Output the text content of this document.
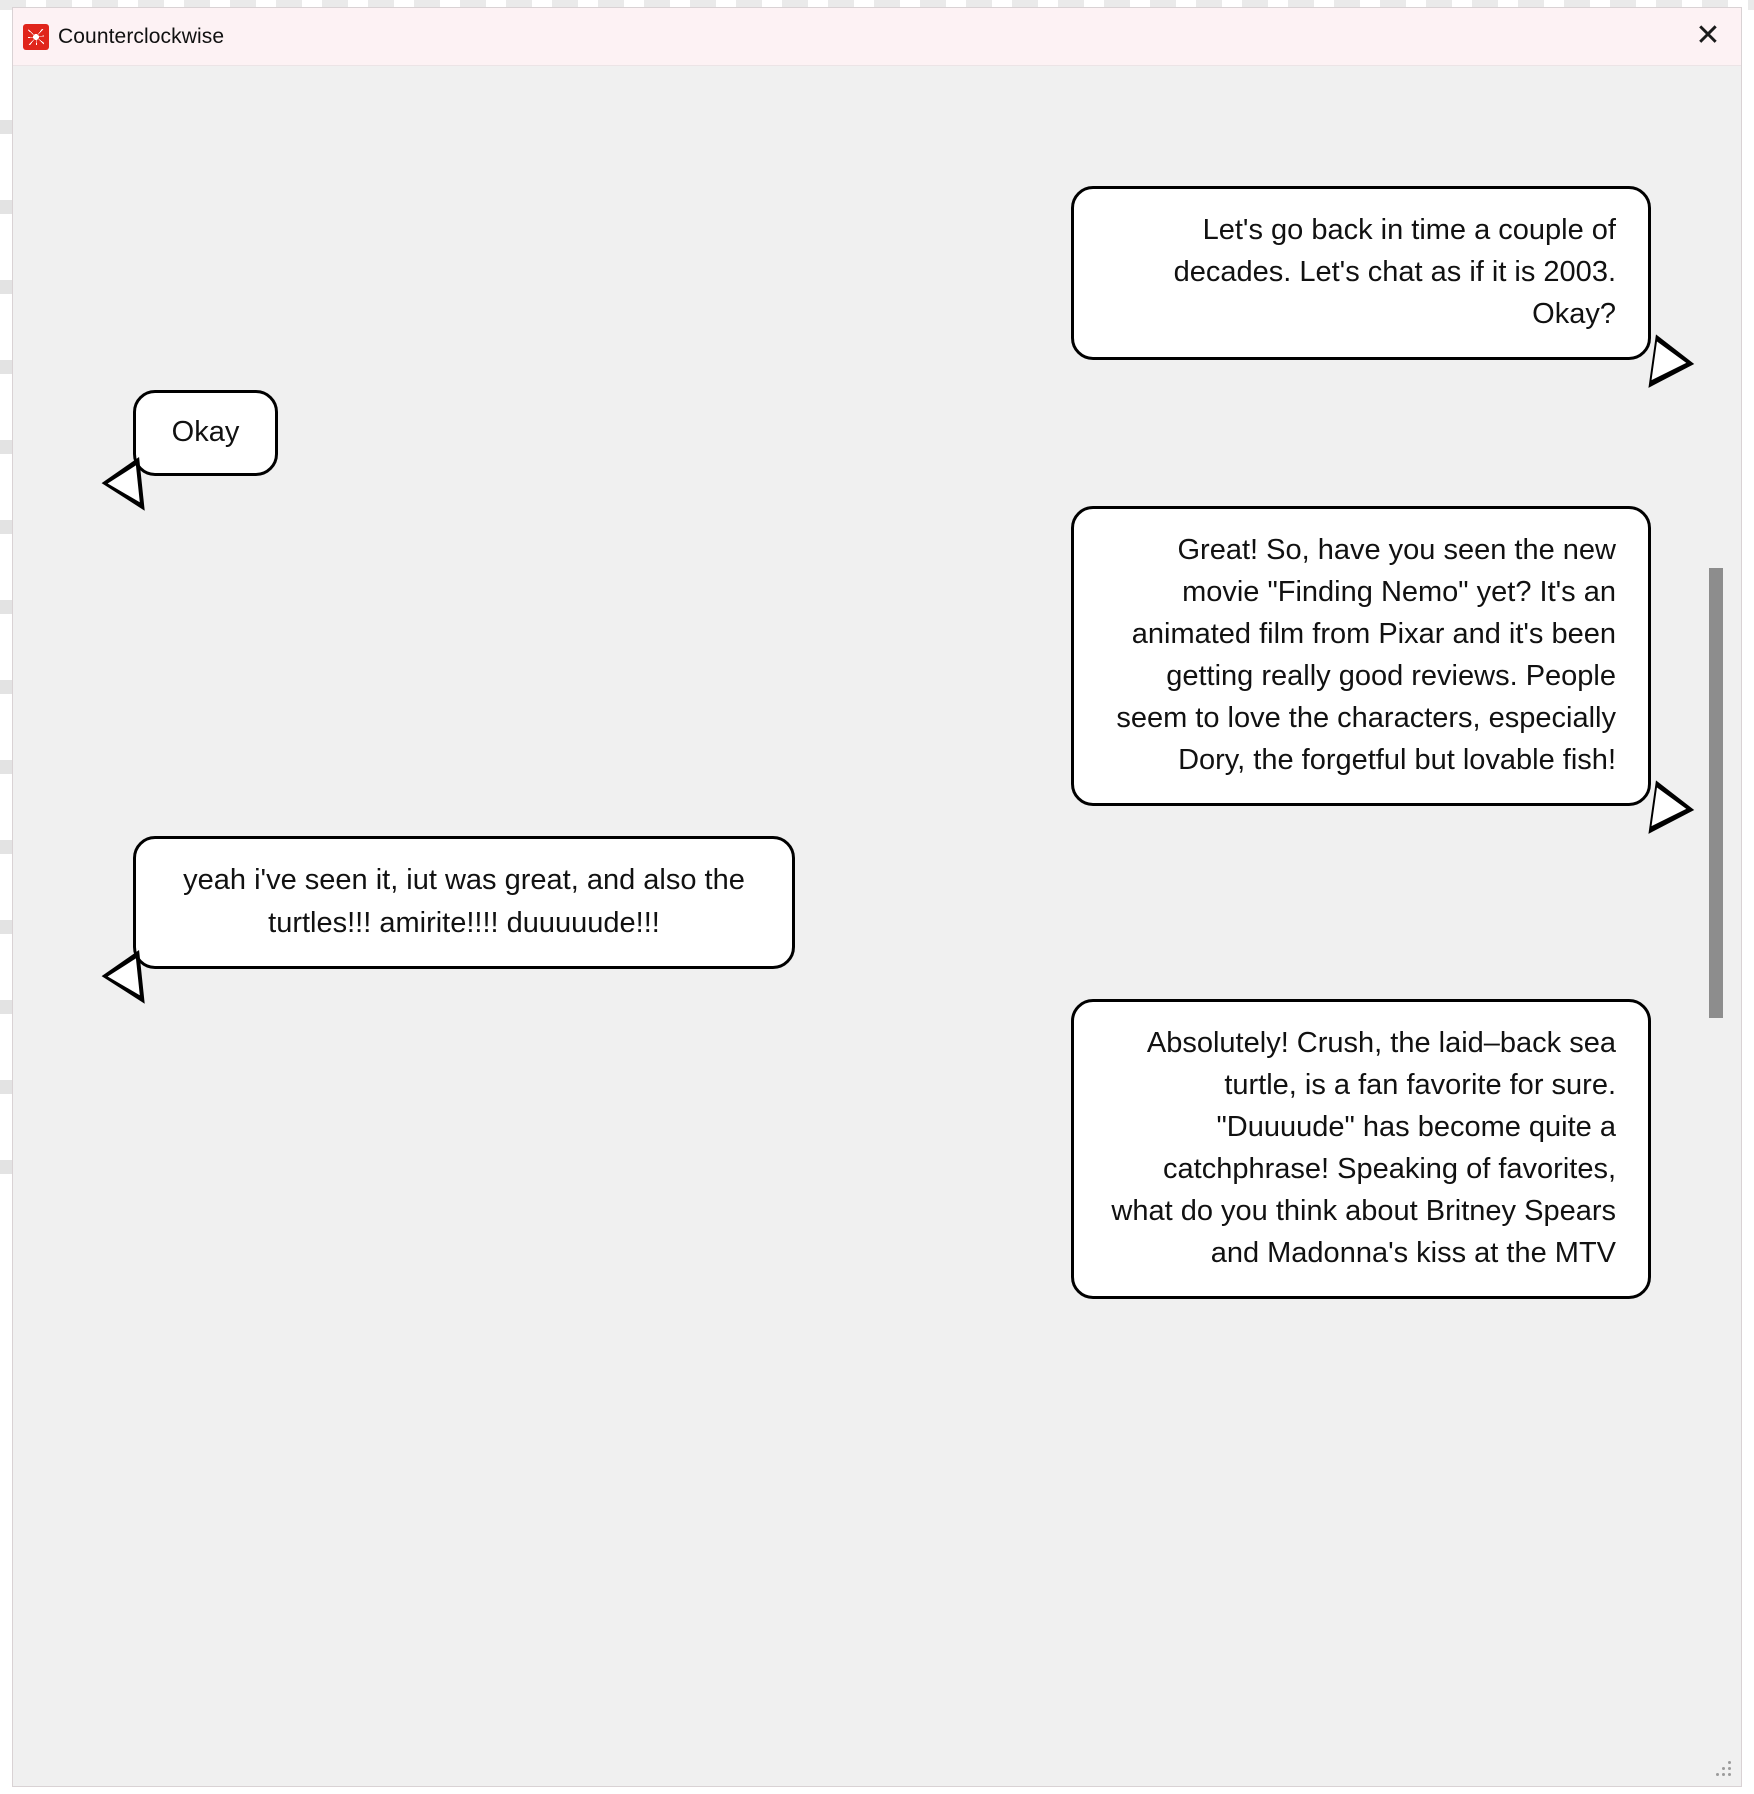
Counterclockwise	✕
Let's go back in time a couple of decades. Let's chat as if it is 2003. Okay?
Okay
Great! So, have you seen the new movie "Finding Nemo" yet? It's an animated film from Pixar and it's been getting really good reviews. People seem to love the characters, especially Dory, the forgetful but lovable fish!
yeah i've seen it, iut was great, and also the turtles!!! amirite!!!! duuuuude!!!
Absolutely! Crush, the laid–back sea turtle, is a fan favorite for sure. "Duuuude" has become quite a catchphrase! Speaking of favorites, what do you think about Britney Spears and Madonna's kiss at the MTV
